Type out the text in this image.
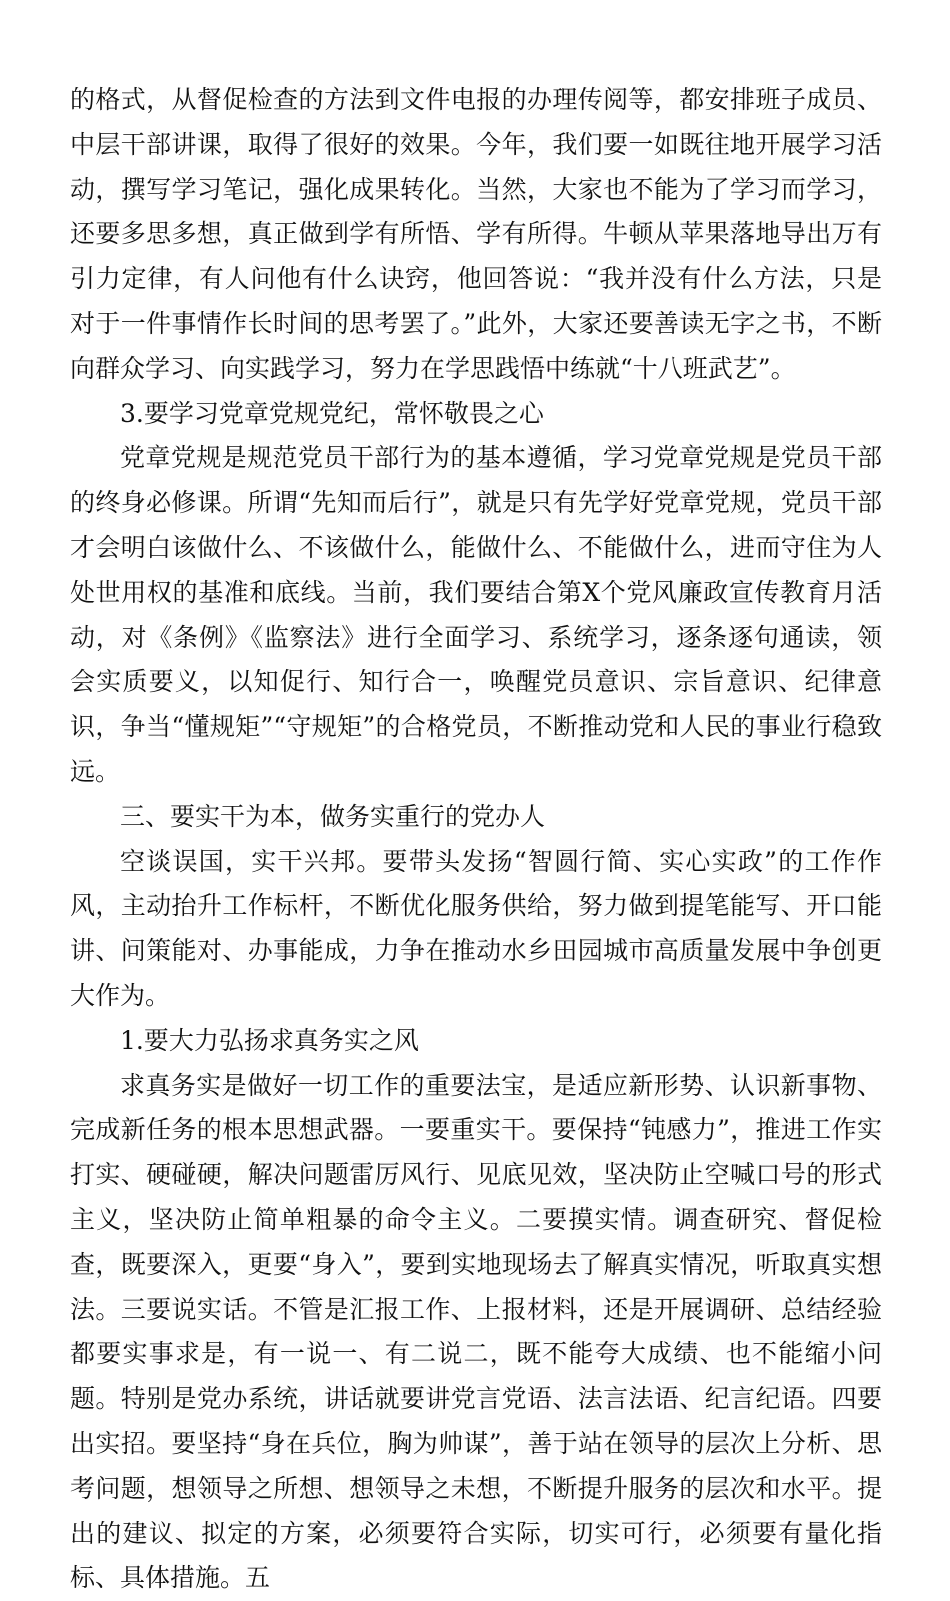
的格式，从督促检查的方法到文件电报的办理传阅等，都安排班子成员、中层干部讲课，取得了很好的效果。今年，我们要一如既往地开展学习活动，撰写学习笔记，强化成果转化。当然，大家也不能为了学习而学习，还要多思多想，真正做到学有所悟、学有所得。牛顿从苹果落地导出万有引力定律，有人问他有什么诀窍，他回答说：“我并没有什么方法，只是对于一件事情作长时间的思考罢了。”此外，大家还要善读无字之书，不断向群众学习、向实践学习，努力在学思践悟中练就“十八班武艺”。

3.要学习党章党规党纪，常怀敬畏之心

党章党规是规范党员干部行为的基本遵循，学习党章党规是党员干部的终身必修课。所谓“先知而后行”，就是只有先学好党章党规，党员干部才会明白该做什么、不该做什么，能做什么、不能做什么，进而守住为人处世用权的基准和底线。当前，我们要结合第X个党风廉政宣传教育月活动，对《条例》《监察法》进行全面学习、系统学习，逐条逐句通读，领会实质要义，以知促行、知行合一，唤醒党员意识、宗旨意识、纪律意识，争当“懂规矩”“守规矩”的合格党员，不断推动党和人民的事业行稳致远。

三、要实干为本，做务实重行的党办人

空谈误国，实干兴邦。要带头发扬“智圆行简、实心实政”的工作作风，主动抬升工作标杆，不断优化服务供给，努力做到提笔能写、开口能讲、问策能对、办事能成，力争在推动水乡田园城市高质量发展中争创更大作为。

1.要大力弘扬求真务实之风

求真务实是做好一切工作的重要法宝，是适应新形势、认识新事物、完成新任务的根本思想武器。一要重实干。要保持“钝感力”，推进工作实打实、硬碰硬，解决问题雷厉风行、见底见效，坚决防止空喊口号的形式主义，坚决防止简单粗暴的命令主义。二要摸实情。调查研究、督促检查，既要深入，更要“身入”，要到实地现场去了解真实情况，听取真实想法。三要说实话。不管是汇报工作、上报材料，还是开展调研、总结经验都要实事求是，有一说一、有二说二，既不能夸大成绩、也不能缩小问题。特别是党办系统，讲话就要讲党言党语、法言法语、纪言纪语。四要出实招。要坚持“身在兵位，胸为帅谋”，善于站在领导的层次上分析、思考问题，想领导之所想、想领导之未想，不断提升服务的层次和水平。提出的建议、拟定的方案，必须要符合实际，切实可行，必须要有量化指标、具体措施。五
